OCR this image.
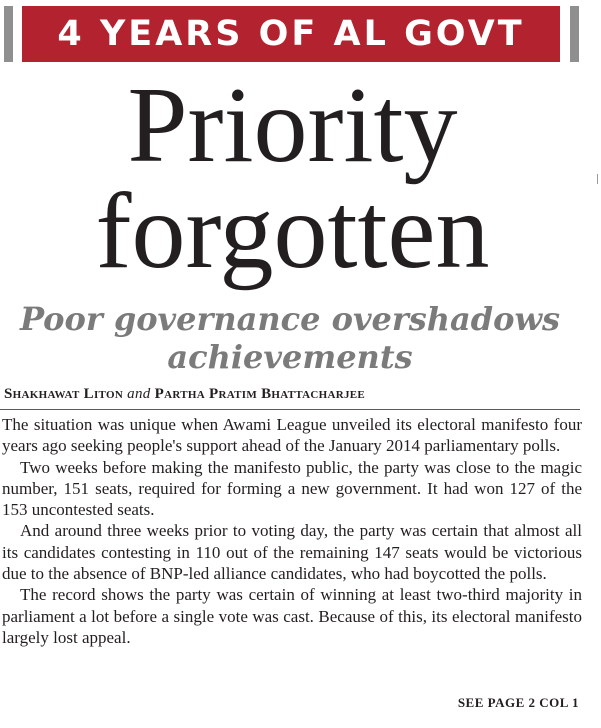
4 YEARS OF AL GOVT
Priority
forgotten
Poor governance overshadows
achievements
Shakhawat Liton and Partha Pratim Bhattacharjee

The situation was unique when Awami League unveiled its electoral manifesto four years ago seeking people's support ahead of the January 2014 parliamentary polls.

Two weeks before making the manifesto public, the party was close to the magic number, 151 seats, required for forming a new government. It had won 127 of the 153 uncontested seats.

And around three weeks prior to voting day, the party was certain that almost all its candidates contesting in 110 out of the remaining 147 seats would be victorious due to the absence of BNP-led alliance candidates, who had boycotted the polls.

The record shows the party was certain of winning at least two-third majority in parliament a lot before a single vote was cast. Because of this, its electoral manifesto largely lost appeal.

SEE PAGE 2 COL 1
